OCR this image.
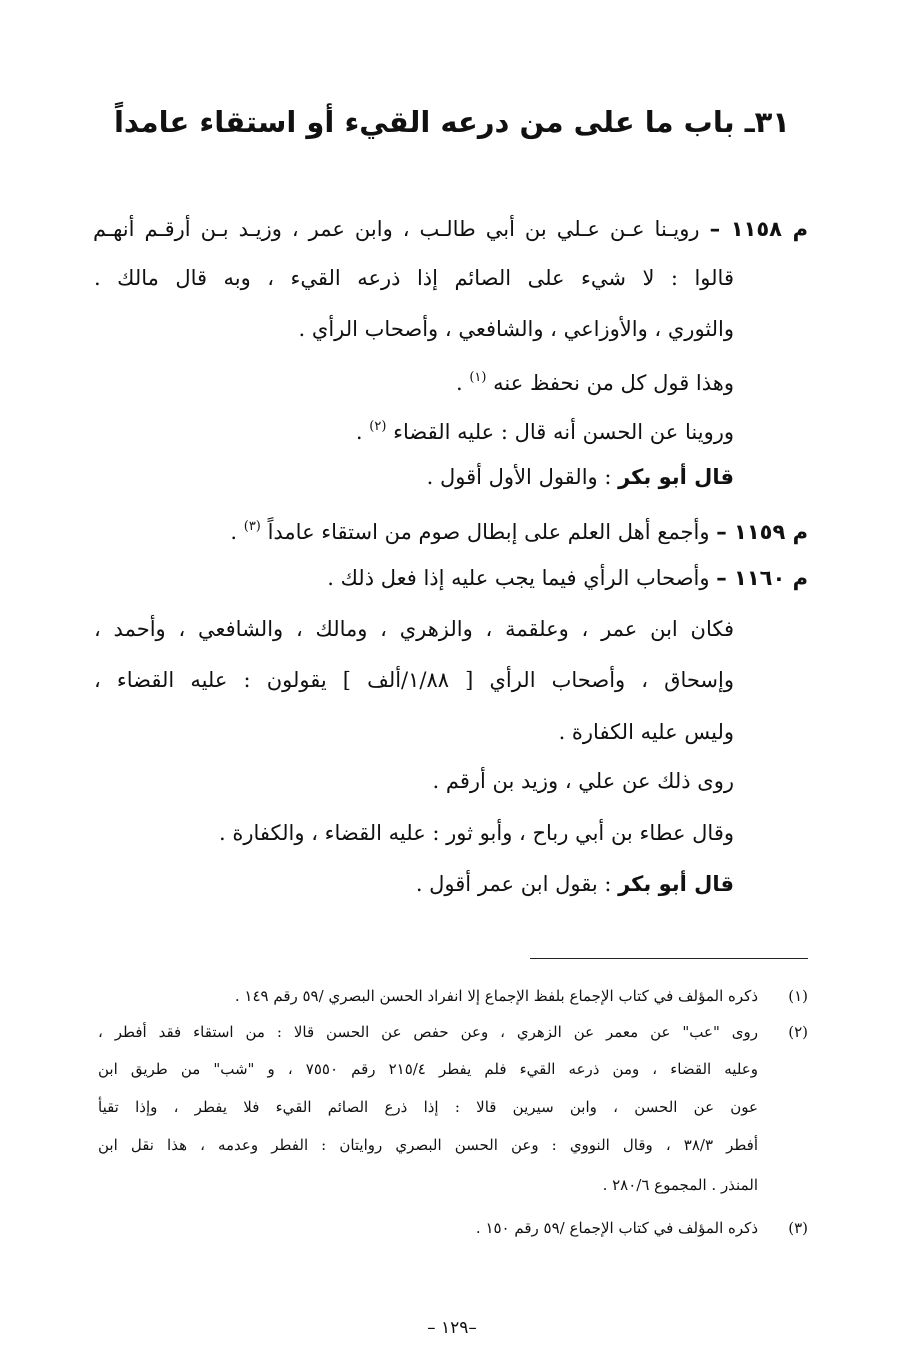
٣١ـ باب ما على من درعه القيء أو استقاء عامداً
م ١١٥٨ – رويـنا عـن عـلي بن أبي طالـب ، وابن عمر ، وزيـد بـن أرقـم أنهـم
قالوا : لا شيء على الصائم إذا ذرعه القيء ، وبه قال مالك .
والثوري ، والأوزاعي ، والشافعي ، وأصحاب الرأي .
وهذا قول كل من نحفظ عنه $^{(١)}$ .
وروينا عن الحسن أنه قال : عليه القضاء $^{(٢)}$ .
قال أبو بكر : والقول الأول أقول .
م ١١٥٩ – وأجمع أهل العلم على إبطال صوم من استقاء عامداً $^{(٣)}$ .
م ١١٦٠ – وأصحاب الرأي فيما يجب عليه إذا فعل ذلك .
فكان ابن عمر ، وعلقمة ، والزهري ، ومالك ، والشافعي ، وأحمد ،
وإسحاق ، وأصحاب الرأي [ ١/٨٨/ألف ] يقولون : عليه القضاء ،
وليس عليه الكفارة .
روى ذلك عن علي ، وزيد بن أرقم .
وقال عطاء بن أبي رباح ، وأبو ثور : عليه القضاء ، والكفارة .
قال أبو بكر : بقول ابن عمر أقول .
(١)
ذكره المؤلف في كتاب الإجماع بلفظ الإجماع إلا انفراد الحسن البصري /٥٩ رقم ١٤٩ .
(٢)
روى "عب" عن معمر عن الزهري ، وعن حفص عن الحسن قالا : من استقاء فقد أفطر ،
وعليه القضاء ، ومن ذرعه القيء فلم يفطر ٢١٥/٤ رقم ٧٥٥٠ ، و "شب" من طريق ابن
عون عن الحسن ، وابن سيرين قالا : إذا ذرع الصائم القيء فلا يفطر ، وإذا تقيأ
أفطر ٣٨/٣ ، وقال النووي : وعن الحسن البصري روايتان : الفطر وعدمه ، هذا نقل ابن
المنذر . المجموع ٢٨٠/٦ .
(٣)
ذكره المؤلف في كتاب الإجماع /٥٩ رقم ١٥٠ .
–١٢٩ –
